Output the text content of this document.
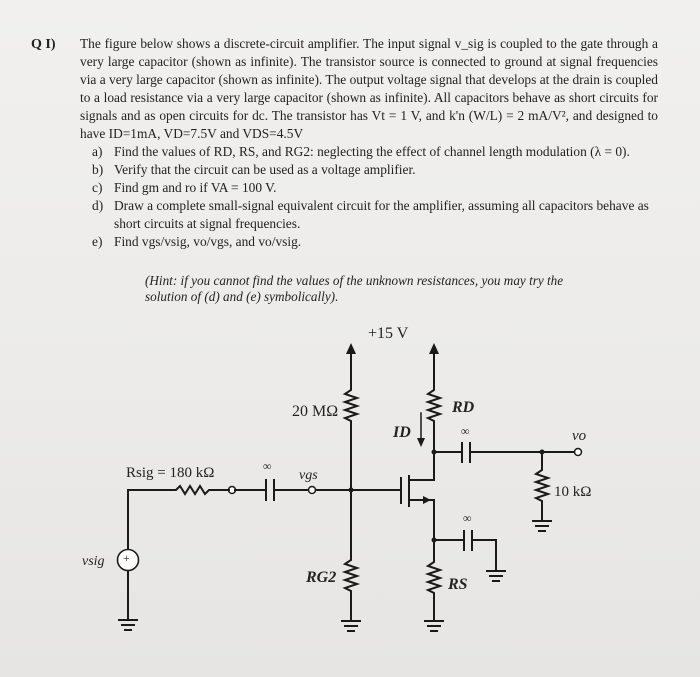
Q I) The figure below shows a discrete-circuit amplifier. The input signal v_sig is coupled to the gate through a very large capacitor (shown as infinite). The transistor source is connected to ground at signal frequencies via a very large capacitor (shown as infinite). The output voltage signal that develops at the drain is coupled to a load resistance via a very large capacitor (shown as infinite). All capacitors behave as short circuits for signals and as open circuits for dc. The transistor has Vt = 1 V, and k'n (W/L) = 2 mA/V², and designed to have ID=1mA, VD=7.5V and VDS=4.5V
a) Find the values of RD, RS, and RG2: neglecting the effect of channel length modulation (λ = 0).
b) Verify that the circuit can be used as a voltage amplifier.
c) Find gm and ro if VA = 100 V.
d) Draw a complete small-signal equivalent circuit for the amplifier, assuming all capacitors behave as short circuits at signal frequencies.
e) Find vgs/vsig, vo/vgs, and vo/vsig.
(Hint: if you cannot find the values of the unknown resistances, you may try the solution of (d) and (e) symbolically).
+15 V
20 MΩ	RD
ID	vo
Rsig = 180 kΩ	vgs
∞
∞
∞
10 kΩ
vsig +
RG2	RS
